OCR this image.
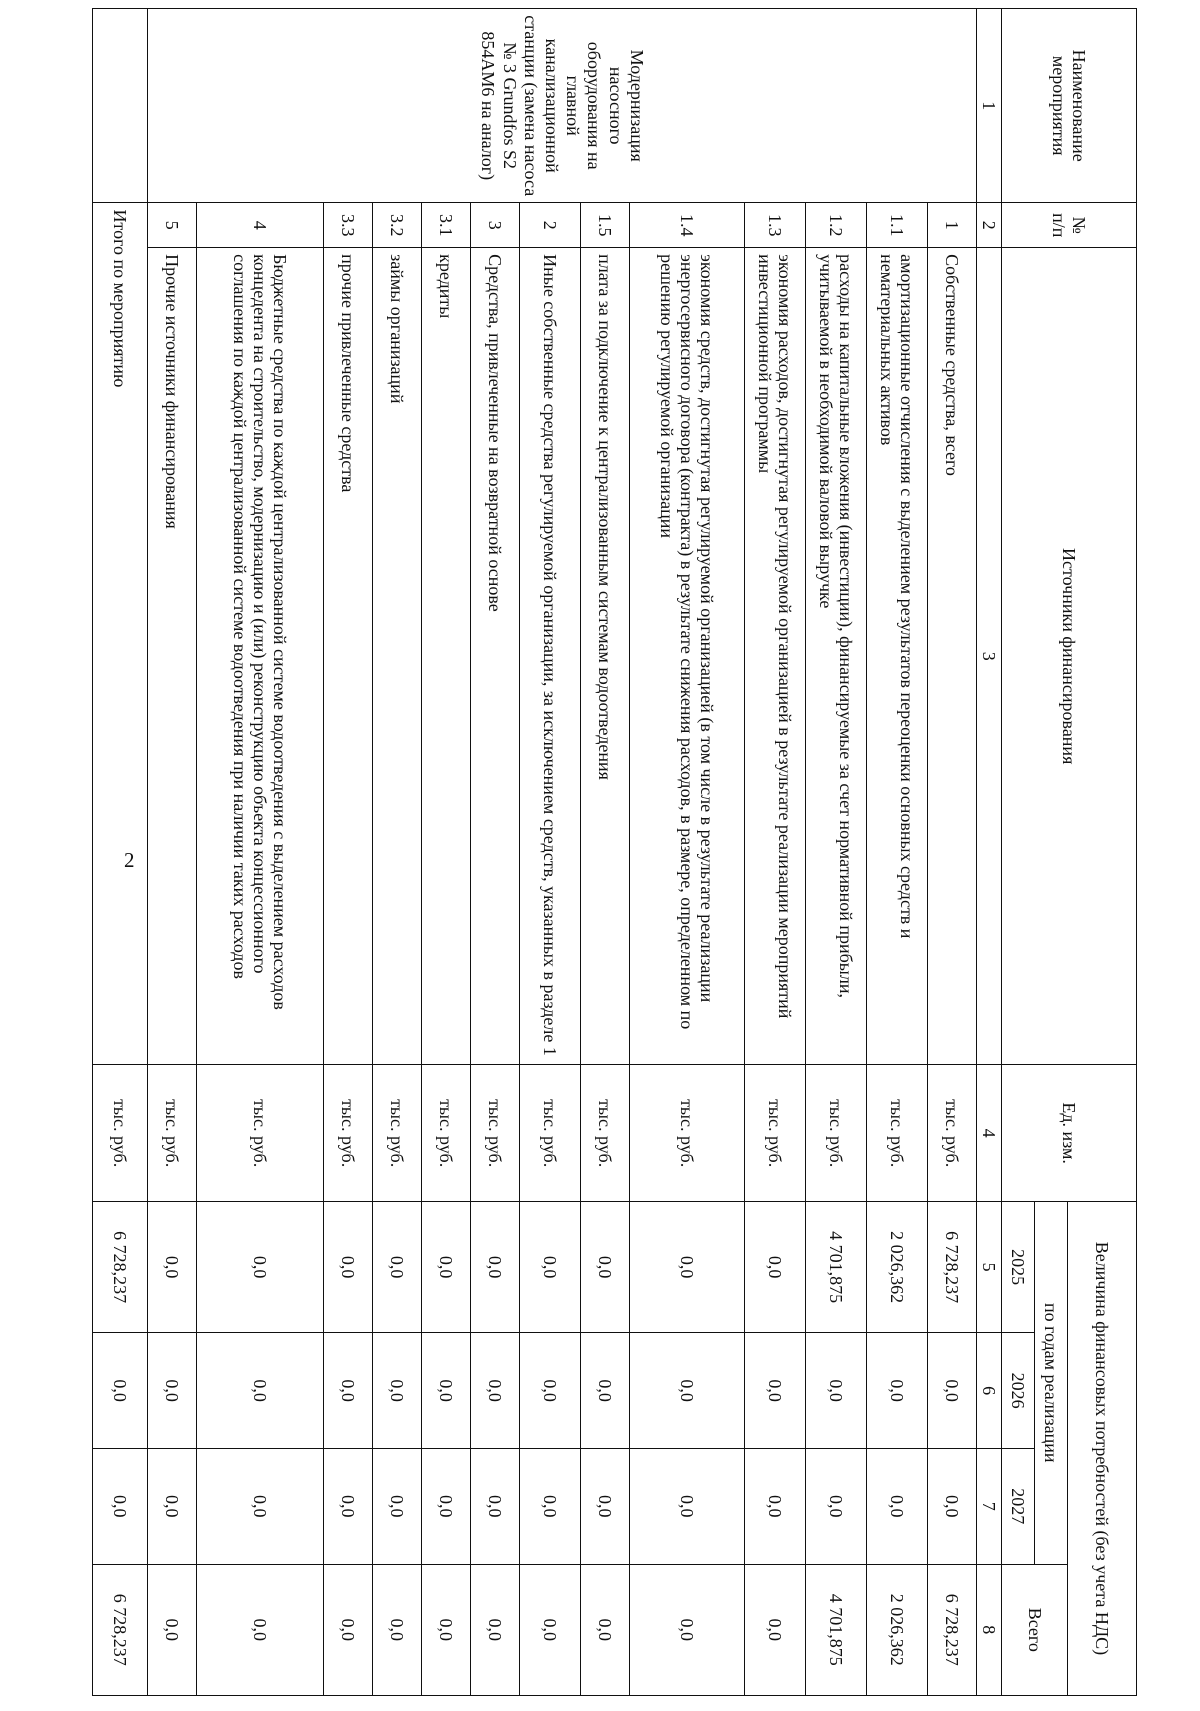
2
Наименование мероприятия	№ п/п	Источники финансирования	Ед. изм.	Величина финансовых потребностей (без учета НДС)			
				по годам реализации			Всего
				2025	2026	2027	
1	2	3	4	5	6	7	8
Модернизация насосного оборудования на главной канализационной станции (замена насоса № 3 Grundfos S2 854AM6 на аналог)	1	Собственные средства, всего	тыс. руб.	6 728,237	0,0	0,0	6 728,237
	1.1	амортизационные отчисления с выделением результатов переоценки основных средств и нематериальных активов	тыс. руб.	2 026,362	0,0	0,0	2 026,362
	1.2	расходы на капитальные вложения (инвестиции), финансируемые за счет нормативной прибыли, учитываемой в необходимой валовой выручке	тыс. руб.	4 701,875	0,0	0,0	4 701,875
	1.3	экономия расходов, достигнутая регулируемой организацией в результате реализации мероприятий инвестиционной программы	тыс. руб.	0,0	0,0	0,0	0,0
	1.4	экономия средств, достигнутая регулируемой организацией (в том числе в результате реализации энергосервисного договора (контракта) в результате снижения расходов, в размере, определенном по решению регулируемой организации	тыс. руб.	0,0	0,0	0,0	0,0
	1.5	плата за подключение к централизованным системам водоотведения	тыс. руб.	0,0	0,0	0,0	0,0
	2	Иные собственные средства регулируемой организации, за исключением средств, указанных в разделе 1	тыс. руб.	0,0	0,0	0,0	0,0
	3	Средства, привлеченные на возвратной основе	тыс. руб.	0,0	0,0	0,0	0,0
	3.1	кредиты	тыс. руб.	0,0	0,0	0,0	0,0
	3.2	займы организаций	тыс. руб.	0,0	0,0	0,0	0,0
	3.3	прочие привлеченные средства	тыс. руб.	0,0	0,0	0,0	0,0
	4	Бюджетные средства по каждой централизованной системе водоотведения с выделением расходов концедента на строительство, модернизацию и (или) реконструкцию объекта концессионного соглашения по каждой централизованной системе водоотведения при наличии таких расходов	тыс. руб.	0,0	0,0	0,0	0,0
	5	Прочие источники финансирования	тыс. руб.	0,0	0,0	0,0	0,0
	Итого по мероприятию		тыс. руб.	6 728,237	0,0	0,0	6 728,237
